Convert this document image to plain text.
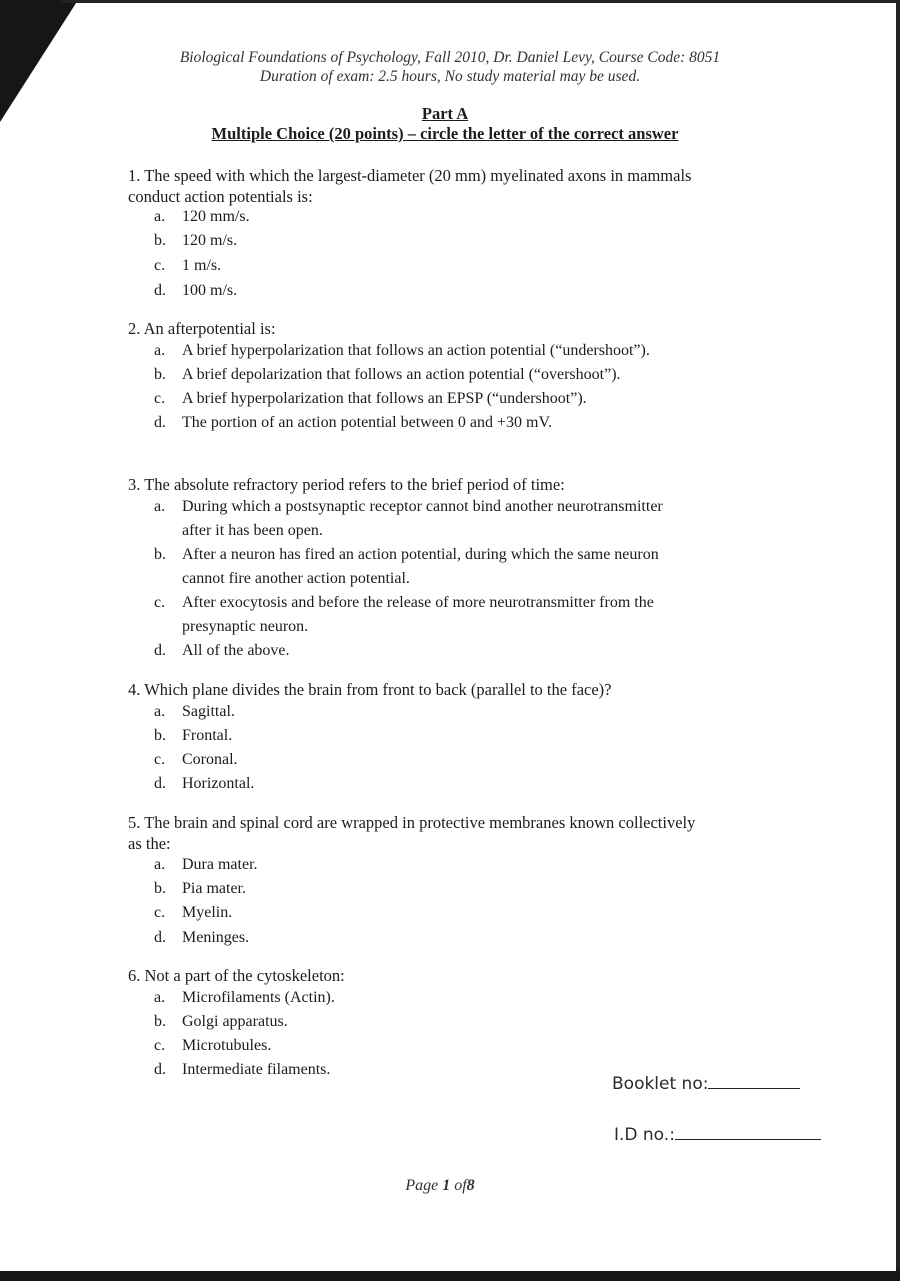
Biological Foundations of Psychology, Fall 2010, Dr. Daniel Levy, Course Code: 8051
Duration of exam: 2.5 hours, No study material may be used.
Part A
Multiple Choice (20 points) – circle the letter of the correct answer
1. The speed with which the largest-diameter (20 mm) myelinated axons in mammals
conduct action potentials is:
a. 120 mm/s.
b. 120 m/s.
c. 1 m/s.
d. 100 m/s.
2. An afterpotential is:
a. A brief hyperpolarization that follows an action potential (“undershoot”).
b. A brief depolarization that follows an action potential (“overshoot”).
c. A brief hyperpolarization that follows an EPSP (“undershoot”).
d. The portion of an action potential between 0 and +30 mV.
3. The absolute refractory period refers to the brief period of time:
a. During which a postsynaptic receptor cannot bind another neurotransmitter
after it has been open.
b. After a neuron has fired an action potential, during which the same neuron
cannot fire another action potential.
c. After exocytosis and before the release of more neurotransmitter from the
presynaptic neuron.
d. All of the above.
4. Which plane divides the brain from front to back (parallel to the face)?
a. Sagittal.
b. Frontal.
c. Coronal.
d. Horizontal.
5. The brain and spinal cord are wrapped in protective membranes known collectively
as the:
a. Dura mater.
b. Pia mater.
c. Myelin.
d. Meninges.
6. Not a part of the cytoskeleton:
a. Microfilaments (Actin).
b. Golgi apparatus.
c. Microtubules.
d. Intermediate filaments.
Booklet no:
I.D no.:
Page 1 of8
